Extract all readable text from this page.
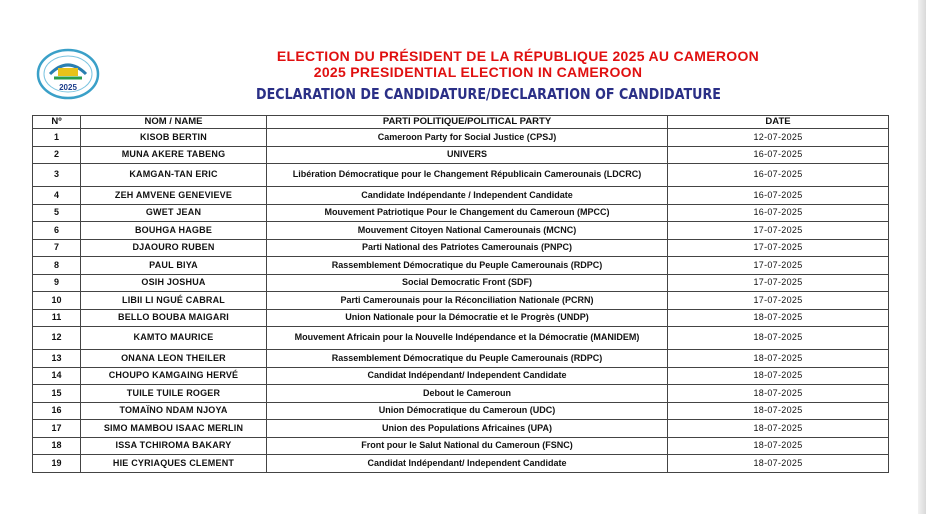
2025
ELECTION DU PRÉSIDENT DE LA RÉPUBLIQUE 2025 AU CAMEROON
2025 PRESIDENTIAL ELECTION IN CAMEROON
DECLARATION DE CANDIDATURE/DECLARATION OF CANDIDATURE
Nº	NOM / NAME	PARTI POLITIQUE/POLITICAL PARTY	DATE
1	KISOB BERTIN	Cameroon Party for Social Justice (CPSJ)	12-07-2025
2	MUNA AKERE TABENG	UNIVERS	16-07-2025
3	KAMGAN-TAN ERIC	Libération Démocratique pour le Changement Républicain Camerounais (LDCRC)	16-07-2025
4	ZEH AMVENE GENEVIEVE	Candidate Indépendante / Independent Candidate	16-07-2025
5	GWET JEAN	Mouvement Patriotique Pour le Changement du Cameroun (MPCC)	16-07-2025
6	BOUHGA HAGBE	Mouvement Citoyen National Camerounais (MCNC)	17-07-2025
7	DJAOURO RUBEN	Parti National des Patriotes Camerounais (PNPC)	17-07-2025
8	PAUL BIYA	Rassemblement Démocratique du Peuple Camerounais (RDPC)	17-07-2025
9	OSIH JOSHUA	Social Democratic Front (SDF)	17-07-2025
10	LIBII LI NGUÉ CABRAL	Parti Camerounais pour la Réconciliation Nationale (PCRN)	17-07-2025
11	BELLO BOUBA MAIGARI	Union Nationale pour la Démocratie et le Progrès (UNDP)	18-07-2025
12	KAMTO MAURICE	Mouvement Africain pour la Nouvelle Indépendance et la Démocratie (MANIDEM)	18-07-2025
13	ONANA LEON THEILER	Rassemblement Démocratique du Peuple Camerounais (RDPC)	18-07-2025
14	CHOUPO KAMGAING HERVÉ	Candidat Indépendant/ Independent Candidate	18-07-2025
15	TUILE TUILE ROGER	Debout le Cameroun	18-07-2025
16	TOMAÏNO NDAM NJOYA	Union Démocratique du Cameroun (UDC)	18-07-2025
17	SIMO MAMBOU ISAAC MERLIN	Union des Populations Africaines (UPA)	18-07-2025
18	ISSA TCHIROMA BAKARY	Front pour le Salut National du Cameroun (FSNC)	18-07-2025
19	HIE CYRIAQUES CLEMENT	Candidat Indépendant/ Independent Candidate	18-07-2025
